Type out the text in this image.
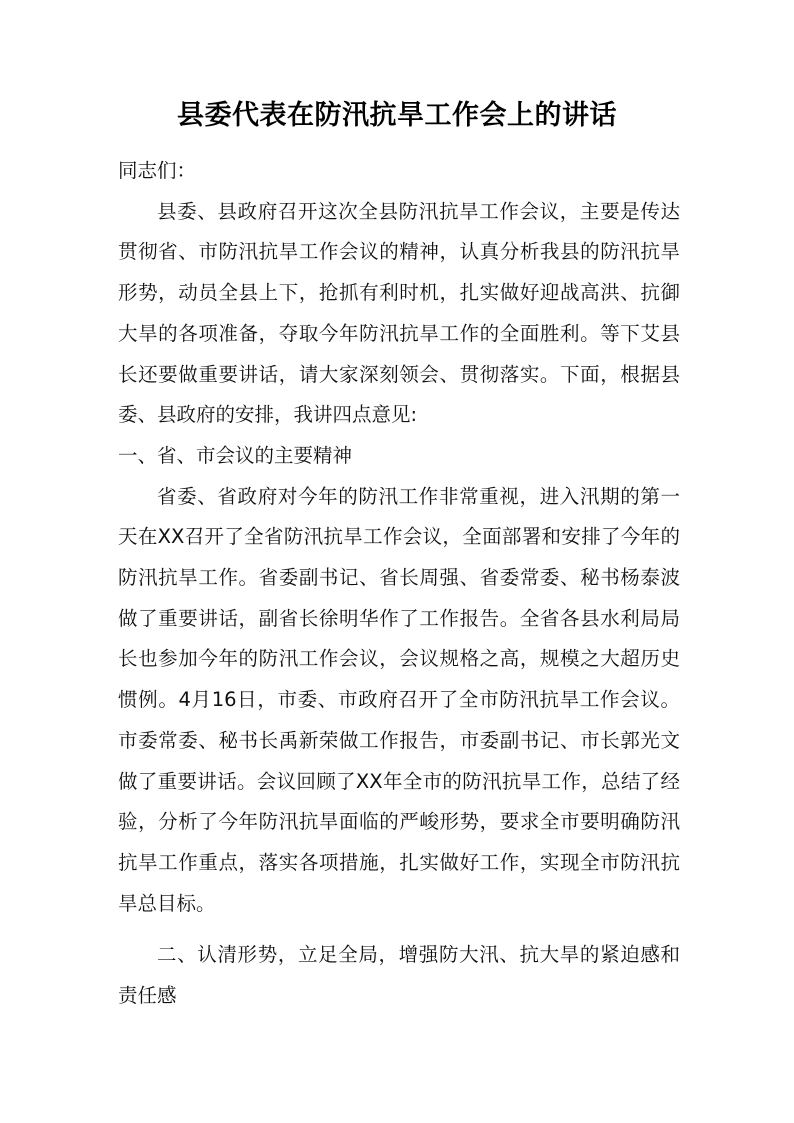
县委代表在防汛抗旱工作会上的讲话

同志们：

县委、县政府召开这次全县防汛抗旱工作会议，主要是传达贯彻省、市防汛抗旱工作会议的精神，认真分析我县的防汛抗旱形势，动员全县上下，抢抓有利时机，扎实做好迎战高洪、抗御大旱的各项准备，夺取今年防汛抗旱工作的全面胜利。等下艾县长还要做重要讲话，请大家深刻领会、贯彻落实。下面，根据县委、县政府的安排，我讲四点意见:

一、省、市会议的主要精神

省委、省政府对今年的防汛工作非常重视，进入汛期的第一天在XX召开了全省防汛抗旱工作会议，全面部署和安排了今年的防汛抗旱工作。省委副书记、省长周强、省委常委、秘书杨泰波做了重要讲话，副省长徐明华作了工作报告。全省各县水利局局长也参加今年的防汛工作会议，会议规格之高，规模之大超历史惯例。4月16日，市委、市政府召开了全市防汛抗旱工作会议。市委常委、秘书长禹新荣做工作报告，市委副书记、市长郭光文做了重要讲话。会议回顾了XX年全市的防汛抗旱工作，总结了经验，分析了今年防汛抗旱面临的严峻形势，要求全市要明确防汛抗旱工作重点，落实各项措施，扎实做好工作，实现全市防汛抗旱总目标。

二、认清形势，立足全局，增强防大汛、抗大旱的紧迫感和责任感
